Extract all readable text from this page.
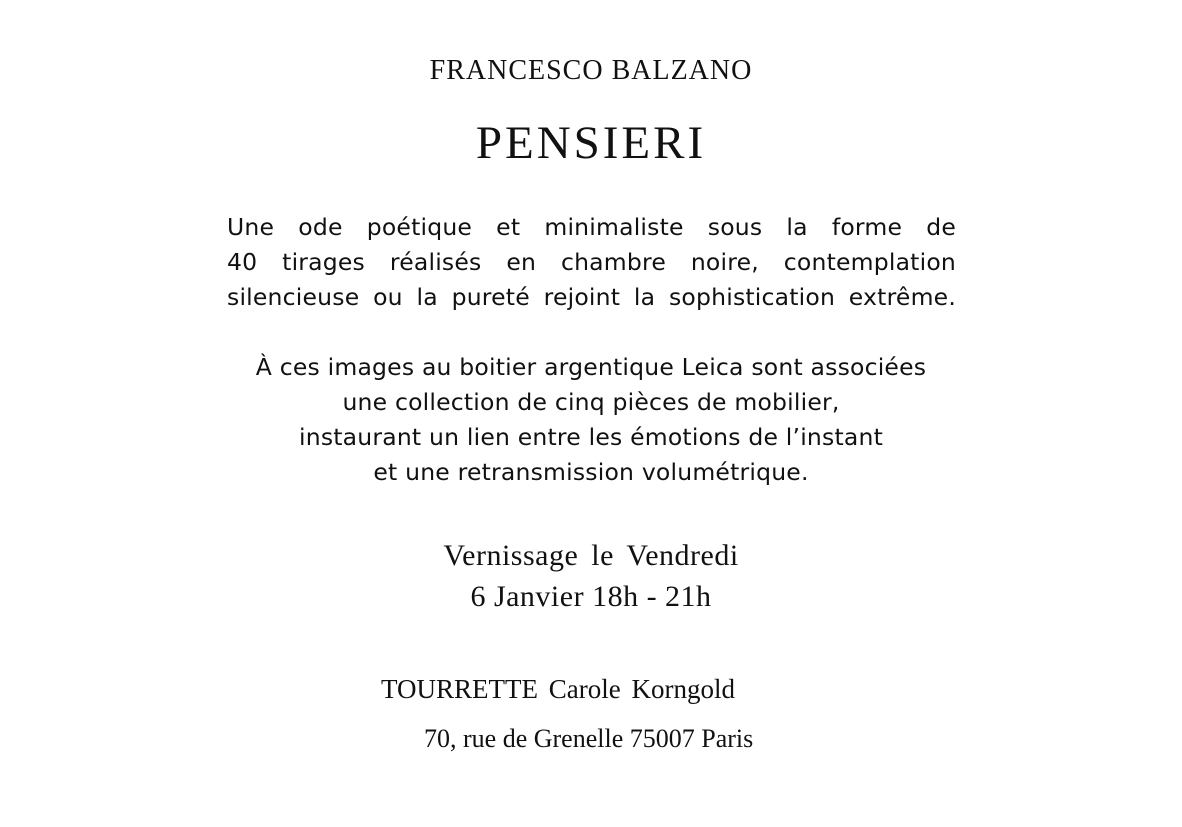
FRANCESCO BALZANO
PENSIERI
Une ode poétique et minimaliste sous la forme de
40 tirages réalisés en chambre noire, contemplation
silencieuse ou la pureté rejoint la sophistication extrême.
À ces images au boitier argentique Leica sont associées
une collection de cinq pièces de mobilier,
instaurant un lien entre les émotions de l’instant
et une retransmission volumétrique.
Vernissage le Vendredi
6 Janvier 18h - 21h
TOURRETTE Carole Korngold
70, rue de Grenelle 75007 Paris
